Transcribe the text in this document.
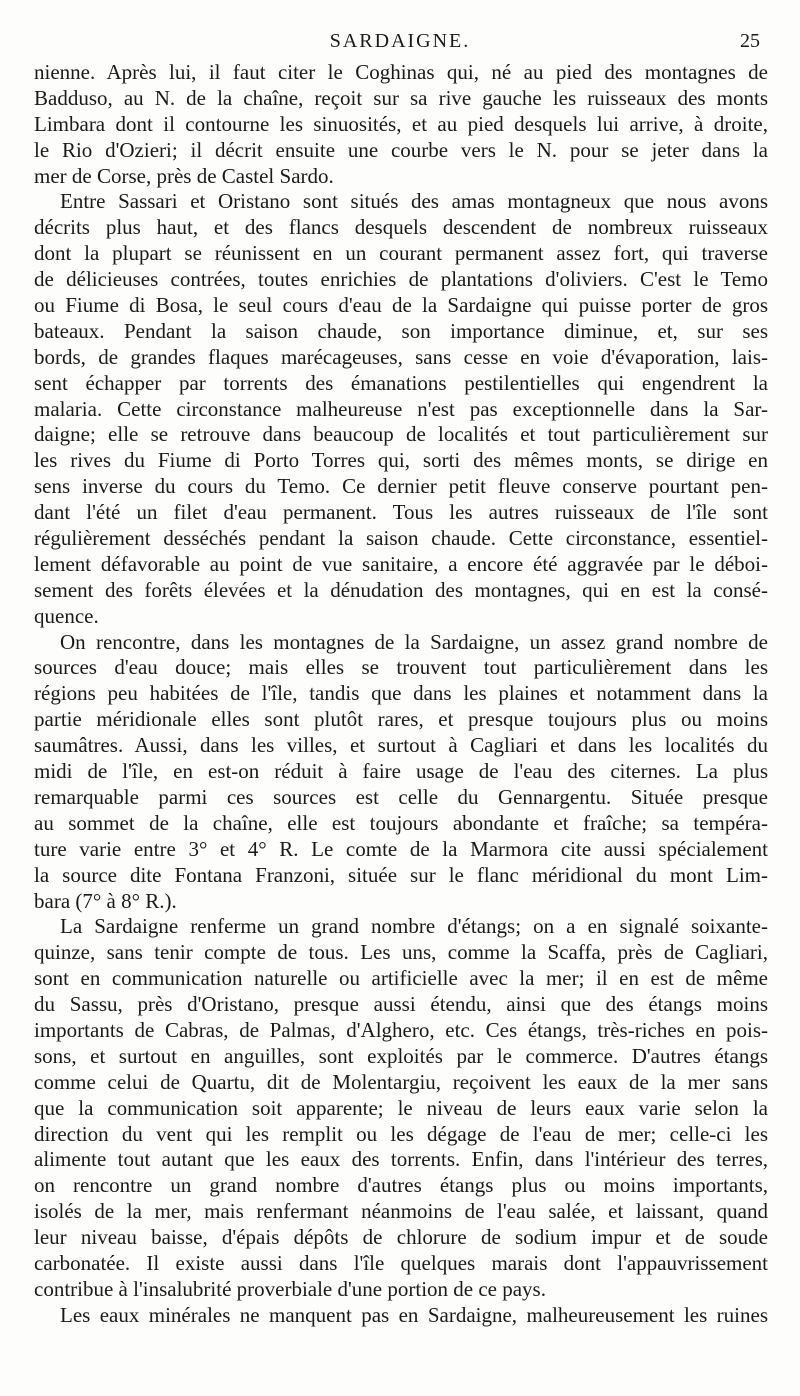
SARDAIGNE.	25
nienne. Après lui, il faut citer le Coghinas qui, né au pied des montagnes de
Badduso, au N. de la chaîne, reçoit sur sa rive gauche les ruisseaux des monts
Limbara dont il contourne les sinuosités, et au pied desquels lui arrive, à droite,
le Rio d'Ozieri; il décrit ensuite une courbe vers le N. pour se jeter dans la
mer de Corse, près de Castel Sardo.
Entre Sassari et Oristano sont situés des amas montagneux que nous avons
décrits plus haut, et des flancs desquels descendent de nombreux ruisseaux
dont la plupart se réunissent en un courant permanent assez fort, qui traverse
de délicieuses contrées, toutes enrichies de plantations d'oliviers. C'est le Temo
ou Fiume di Bosa, le seul cours d'eau de la Sardaigne qui puisse porter de gros
bateaux. Pendant la saison chaude, son importance diminue, et, sur ses
bords, de grandes flaques marécageuses, sans cesse en voie d'évaporation, lais-
sent échapper par torrents des émanations pestilentielles qui engendrent la
malaria. Cette circonstance malheureuse n'est pas exceptionnelle dans la Sar-
daigne; elle se retrouve dans beaucoup de localités et tout particulièrement sur
les rives du Fiume di Porto Torres qui, sorti des mêmes monts, se dirige en
sens inverse du cours du Temo. Ce dernier petit fleuve conserve pourtant pen-
dant l'été un filet d'eau permanent. Tous les autres ruisseaux de l'île sont
régulièrement desséchés pendant la saison chaude. Cette circonstance, essentiel-
lement défavorable au point de vue sanitaire, a encore été aggravée par le déboi-
sement des forêts élevées et la dénudation des montagnes, qui en est la consé-
quence.
On rencontre, dans les montagnes de la Sardaigne, un assez grand nombre de
sources d'eau douce; mais elles se trouvent tout particulièrement dans les
régions peu habitées de l'île, tandis que dans les plaines et notamment dans la
partie méridionale elles sont plutôt rares, et presque toujours plus ou moins
saumâtres. Aussi, dans les villes, et surtout à Cagliari et dans les localités du
midi de l'île, en est-on réduit à faire usage de l'eau des citernes. La plus
remarquable parmi ces sources est celle du Gennargentu. Située presque
au sommet de la chaîne, elle est toujours abondante et fraîche; sa tempéra-
ture varie entre 3° et 4° R. Le comte de la Marmora cite aussi spécialement
la source dite Fontana Franzoni, située sur le flanc méridional du mont Lim-
bara (7° à 8° R.).
La Sardaigne renferme un grand nombre d'étangs; on a en signalé soixante-
quinze, sans tenir compte de tous. Les uns, comme la Scaffa, près de Cagliari,
sont en communication naturelle ou artificielle avec la mer; il en est de même
du Sassu, près d'Oristano, presque aussi étendu, ainsi que des étangs moins
importants de Cabras, de Palmas, d'Alghero, etc. Ces étangs, très-riches en pois-
sons, et surtout en anguilles, sont exploités par le commerce. D'autres étangs
comme celui de Quartu, dit de Molentargiu, reçoivent les eaux de la mer sans
que la communication soit apparente; le niveau de leurs eaux varie selon la
direction du vent qui les remplit ou les dégage de l'eau de mer; celle-ci les
alimente tout autant que les eaux des torrents. Enfin, dans l'intérieur des terres,
on rencontre un grand nombre d'autres étangs plus ou moins importants,
isolés de la mer, mais renfermant néanmoins de l'eau salée, et laissant, quand
leur niveau baisse, d'épais dépôts de chlorure de sodium impur et de soude
carbonatée. Il existe aussi dans l'île quelques marais dont l'appauvrissement
contribue à l'insalubrité proverbiale d'une portion de ce pays.
Les eaux minérales ne manquent pas en Sardaigne, malheureusement les ruines
